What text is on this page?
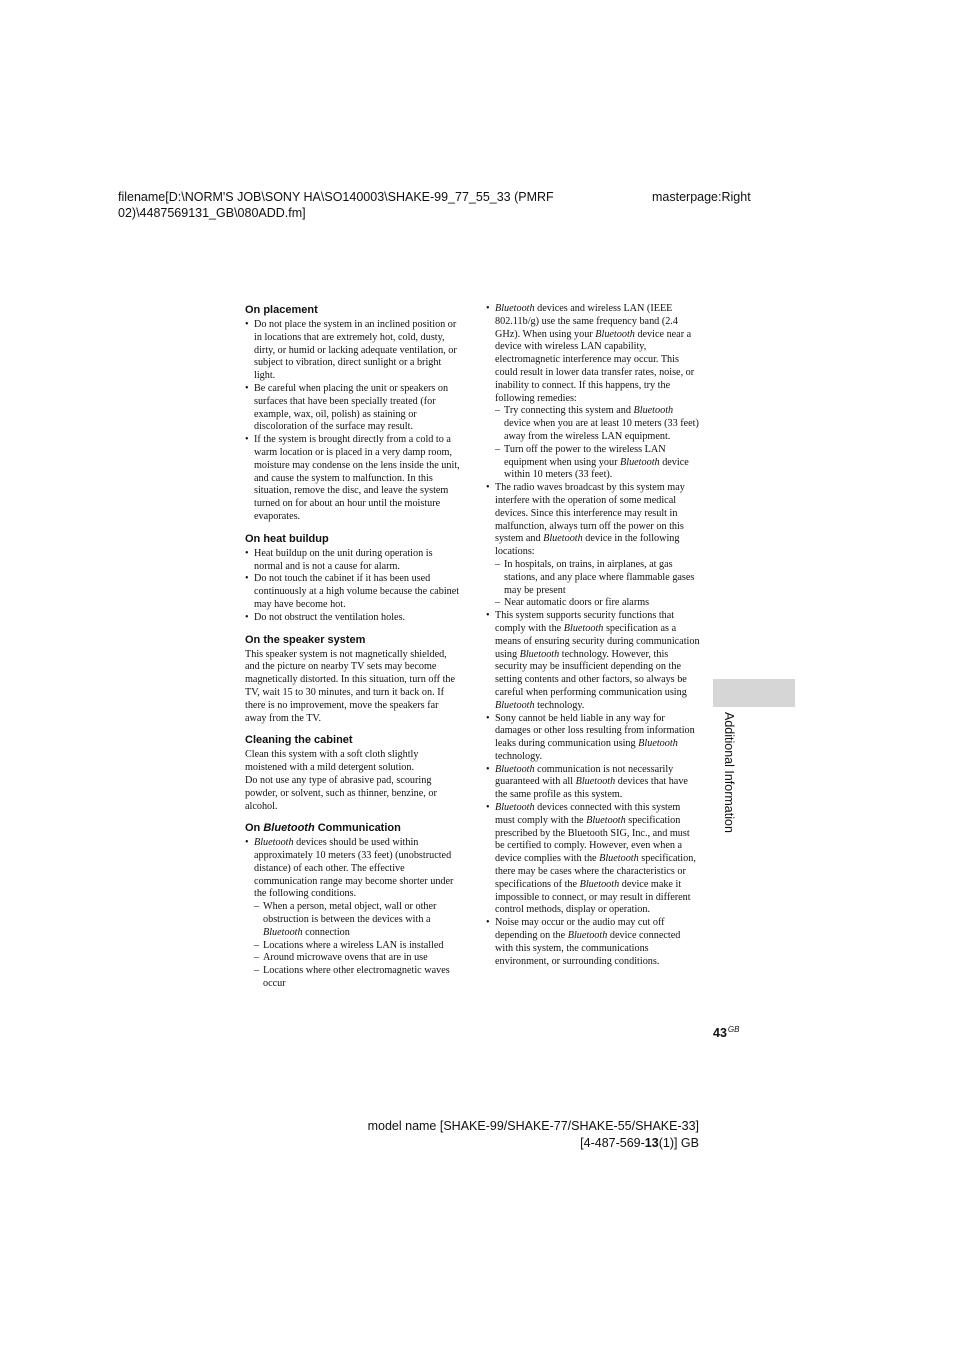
filename[D:\NORM'S JOB\SONY HA\SO140003\SHAKE-99_77_55_33 (PMRF 02)\4487569131_GB\080ADD.fm]
masterpage:Right
On placement
• Do not place the system in an inclined position or in locations that are extremely hot, cold, dusty, dirty, or humid or lacking adequate ventilation, or subject to vibration, direct sunlight or a bright light.
• Be careful when placing the unit or speakers on surfaces that have been specially treated (for example, wax, oil, polish) as staining or discoloration of the surface may result.
• If the system is brought directly from a cold to a warm location or is placed in a very damp room, moisture may condense on the lens inside the unit, and cause the system to malfunction. In this situation, remove the disc, and leave the system turned on for about an hour until the moisture evaporates.
On heat buildup
• Heat buildup on the unit during operation is normal and is not a cause for alarm.
• Do not touch the cabinet if it has been used continuously at a high volume because the cabinet may have become hot.
• Do not obstruct the ventilation holes.
On the speaker system

This speaker system is not magnetically shielded, and the picture on nearby TV sets may become magnetically distorted. In this situation, turn off the TV, wait 15 to 30 minutes, and turn it back on. If there is no improvement, move the speakers far away from the TV.

Cleaning the cabinet

Clean this system with a soft cloth slightly moistened with a mild detergent solution.

Do not use any type of abrasive pad, scouring powder, or solvent, such as thinner, benzine, or alcohol.

On Bluetooth Communication
• Bluetooth devices should be used within approximately 10 meters (33 feet) (unobstructed distance) of each other. The effective communication range may become shorter under the following conditions.
– When a person, metal object, wall or other obstruction is between the devices with a Bluetooth connection
– Locations where a wireless LAN is installed
– Around microwave ovens that are in use
– Locations where other electromagnetic waves occur
• Bluetooth devices and wireless LAN (IEEE 802.11b/g) use the same frequency band (2.4 GHz). When using your Bluetooth device near a device with wireless LAN capability, electromagnetic interference may occur. This could result in lower data transfer rates, noise, or inability to connect. If this happens, try the following remedies:
– Try connecting this system and Bluetooth device when you are at least 10 meters (33 feet) away from the wireless LAN equipment.
– Turn off the power to the wireless LAN equipment when using your Bluetooth device within 10 meters (33 feet).
• The radio waves broadcast by this system may interfere with the operation of some medical devices. Since this interference may result in malfunction, always turn off the power on this system and Bluetooth device in the following locations:
– In hospitals, on trains, in airplanes, at gas stations, and any place where flammable gases may be present
– Near automatic doors or fire alarms
• This system supports security functions that comply with the Bluetooth specification as a means of ensuring security during communication using Bluetooth technology. However, this security may be insufficient depending on the setting contents and other factors, so always be careful when performing communication using Bluetooth technology.
• Sony cannot be held liable in any way for damages or other loss resulting from information leaks during communication using Bluetooth technology.
• Bluetooth communication is not necessarily guaranteed with all Bluetooth devices that have the same profile as this system.
• Bluetooth devices connected with this system must comply with the Bluetooth specification prescribed by the Bluetooth SIG, Inc., and must be certified to comply. However, even when a device complies with the Bluetooth specification, there may be cases where the characteristics or specifications of the Bluetooth device make it impossible to connect, or may result in different control methods, display or operation.
• Noise may occur or the audio may cut off depending on the Bluetooth device connected with this system, the communications environment, or surrounding conditions.
Additional Information
$43^{GB}$
model name [SHAKE-99/SHAKE-77/SHAKE-55/SHAKE-33]
[4-487-569-13(1)] GB
